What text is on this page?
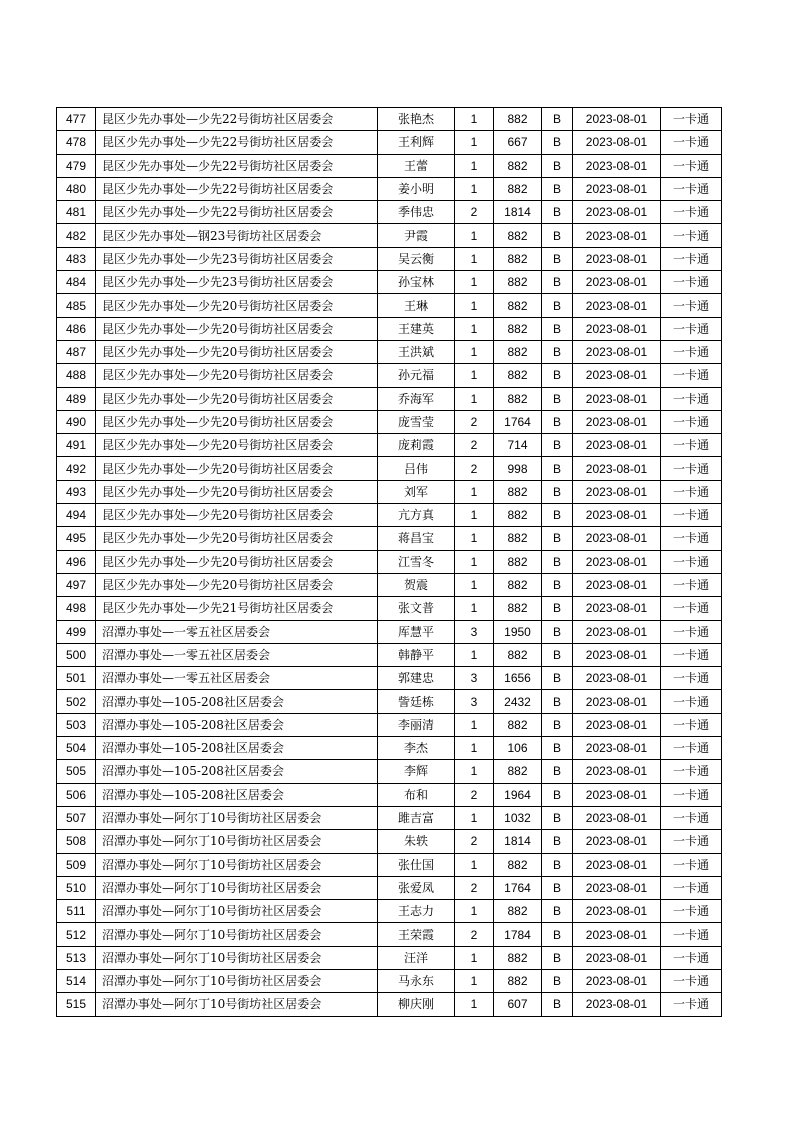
477	昆区少先办事处—少先22号街坊社区居委会	张艳杰	1	882	B	2023-08-01	一卡通
478	昆区少先办事处—少先22号街坊社区居委会	王利辉	1	667	B	2023-08-01	一卡通
479	昆区少先办事处—少先22号街坊社区居委会	王蕾	1	882	B	2023-08-01	一卡通
480	昆区少先办事处—少先22号街坊社区居委会	姜小明	1	882	B	2023-08-01	一卡通
481	昆区少先办事处—少先22号街坊社区居委会	季伟忠	2	1814	B	2023-08-01	一卡通
482	昆区少先办事处—钢23号街坊社区居委会	尹霞	1	882	B	2023-08-01	一卡通
483	昆区少先办事处—少先23号街坊社区居委会	吴云衡	1	882	B	2023-08-01	一卡通
484	昆区少先办事处—少先23号街坊社区居委会	孙宝林	1	882	B	2023-08-01	一卡通
485	昆区少先办事处—少先20号街坊社区居委会	王琳	1	882	B	2023-08-01	一卡通
486	昆区少先办事处—少先20号街坊社区居委会	王建英	1	882	B	2023-08-01	一卡通
487	昆区少先办事处—少先20号街坊社区居委会	王洪斌	1	882	B	2023-08-01	一卡通
488	昆区少先办事处—少先20号街坊社区居委会	孙元福	1	882	B	2023-08-01	一卡通
489	昆区少先办事处—少先20号街坊社区居委会	乔海军	1	882	B	2023-08-01	一卡通
490	昆区少先办事处—少先20号街坊社区居委会	庞雪莹	2	1764	B	2023-08-01	一卡通
491	昆区少先办事处—少先20号街坊社区居委会	庞莉霞	2	714	B	2023-08-01	一卡通
492	昆区少先办事处—少先20号街坊社区居委会	吕伟	2	998	B	2023-08-01	一卡通
493	昆区少先办事处—少先20号街坊社区居委会	刘军	1	882	B	2023-08-01	一卡通
494	昆区少先办事处—少先20号街坊社区居委会	亢方真	1	882	B	2023-08-01	一卡通
495	昆区少先办事处—少先20号街坊社区居委会	蒋昌宝	1	882	B	2023-08-01	一卡通
496	昆区少先办事处—少先20号街坊社区居委会	江雪冬	1	882	B	2023-08-01	一卡通
497	昆区少先办事处—少先20号街坊社区居委会	贺震	1	882	B	2023-08-01	一卡通
498	昆区少先办事处—少先21号街坊社区居委会	张文普	1	882	B	2023-08-01	一卡通
499	沼潭办事处—一零五社区居委会	厍慧平	3	1950	B	2023-08-01	一卡通
500	沼潭办事处—一零五社区居委会	韩静平	1	882	B	2023-08-01	一卡通
501	沼潭办事处—一零五社区居委会	郭建忠	3	1656	B	2023-08-01	一卡通
502	沼潭办事处—105-208社区居委会	訾廷栋	3	2432	B	2023-08-01	一卡通
503	沼潭办事处—105-208社区居委会	李丽清	1	882	B	2023-08-01	一卡通
504	沼潭办事处—105-208社区居委会	李杰	1	106	B	2023-08-01	一卡通
505	沼潭办事处—105-208社区居委会	李辉	1	882	B	2023-08-01	一卡通
506	沼潭办事处—105-208社区居委会	布和	2	1964	B	2023-08-01	一卡通
507	沼潭办事处—阿尔丁10号街坊社区居委会	雎吉富	1	1032	B	2023-08-01	一卡通
508	沼潭办事处—阿尔丁10号街坊社区居委会	朱轶	2	1814	B	2023-08-01	一卡通
509	沼潭办事处—阿尔丁10号街坊社区居委会	张仕国	1	882	B	2023-08-01	一卡通
510	沼潭办事处—阿尔丁10号街坊社区居委会	张爱凤	2	1764	B	2023-08-01	一卡通
511	沼潭办事处—阿尔丁10号街坊社区居委会	王志力	1	882	B	2023-08-01	一卡通
512	沼潭办事处—阿尔丁10号街坊社区居委会	王荣霞	2	1784	B	2023-08-01	一卡通
513	沼潭办事处—阿尔丁10号街坊社区居委会	汪洋	1	882	B	2023-08-01	一卡通
514	沼潭办事处—阿尔丁10号街坊社区居委会	马永东	1	882	B	2023-08-01	一卡通
515	沼潭办事处—阿尔丁10号街坊社区居委会	柳庆刚	1	607	B	2023-08-01	一卡通
